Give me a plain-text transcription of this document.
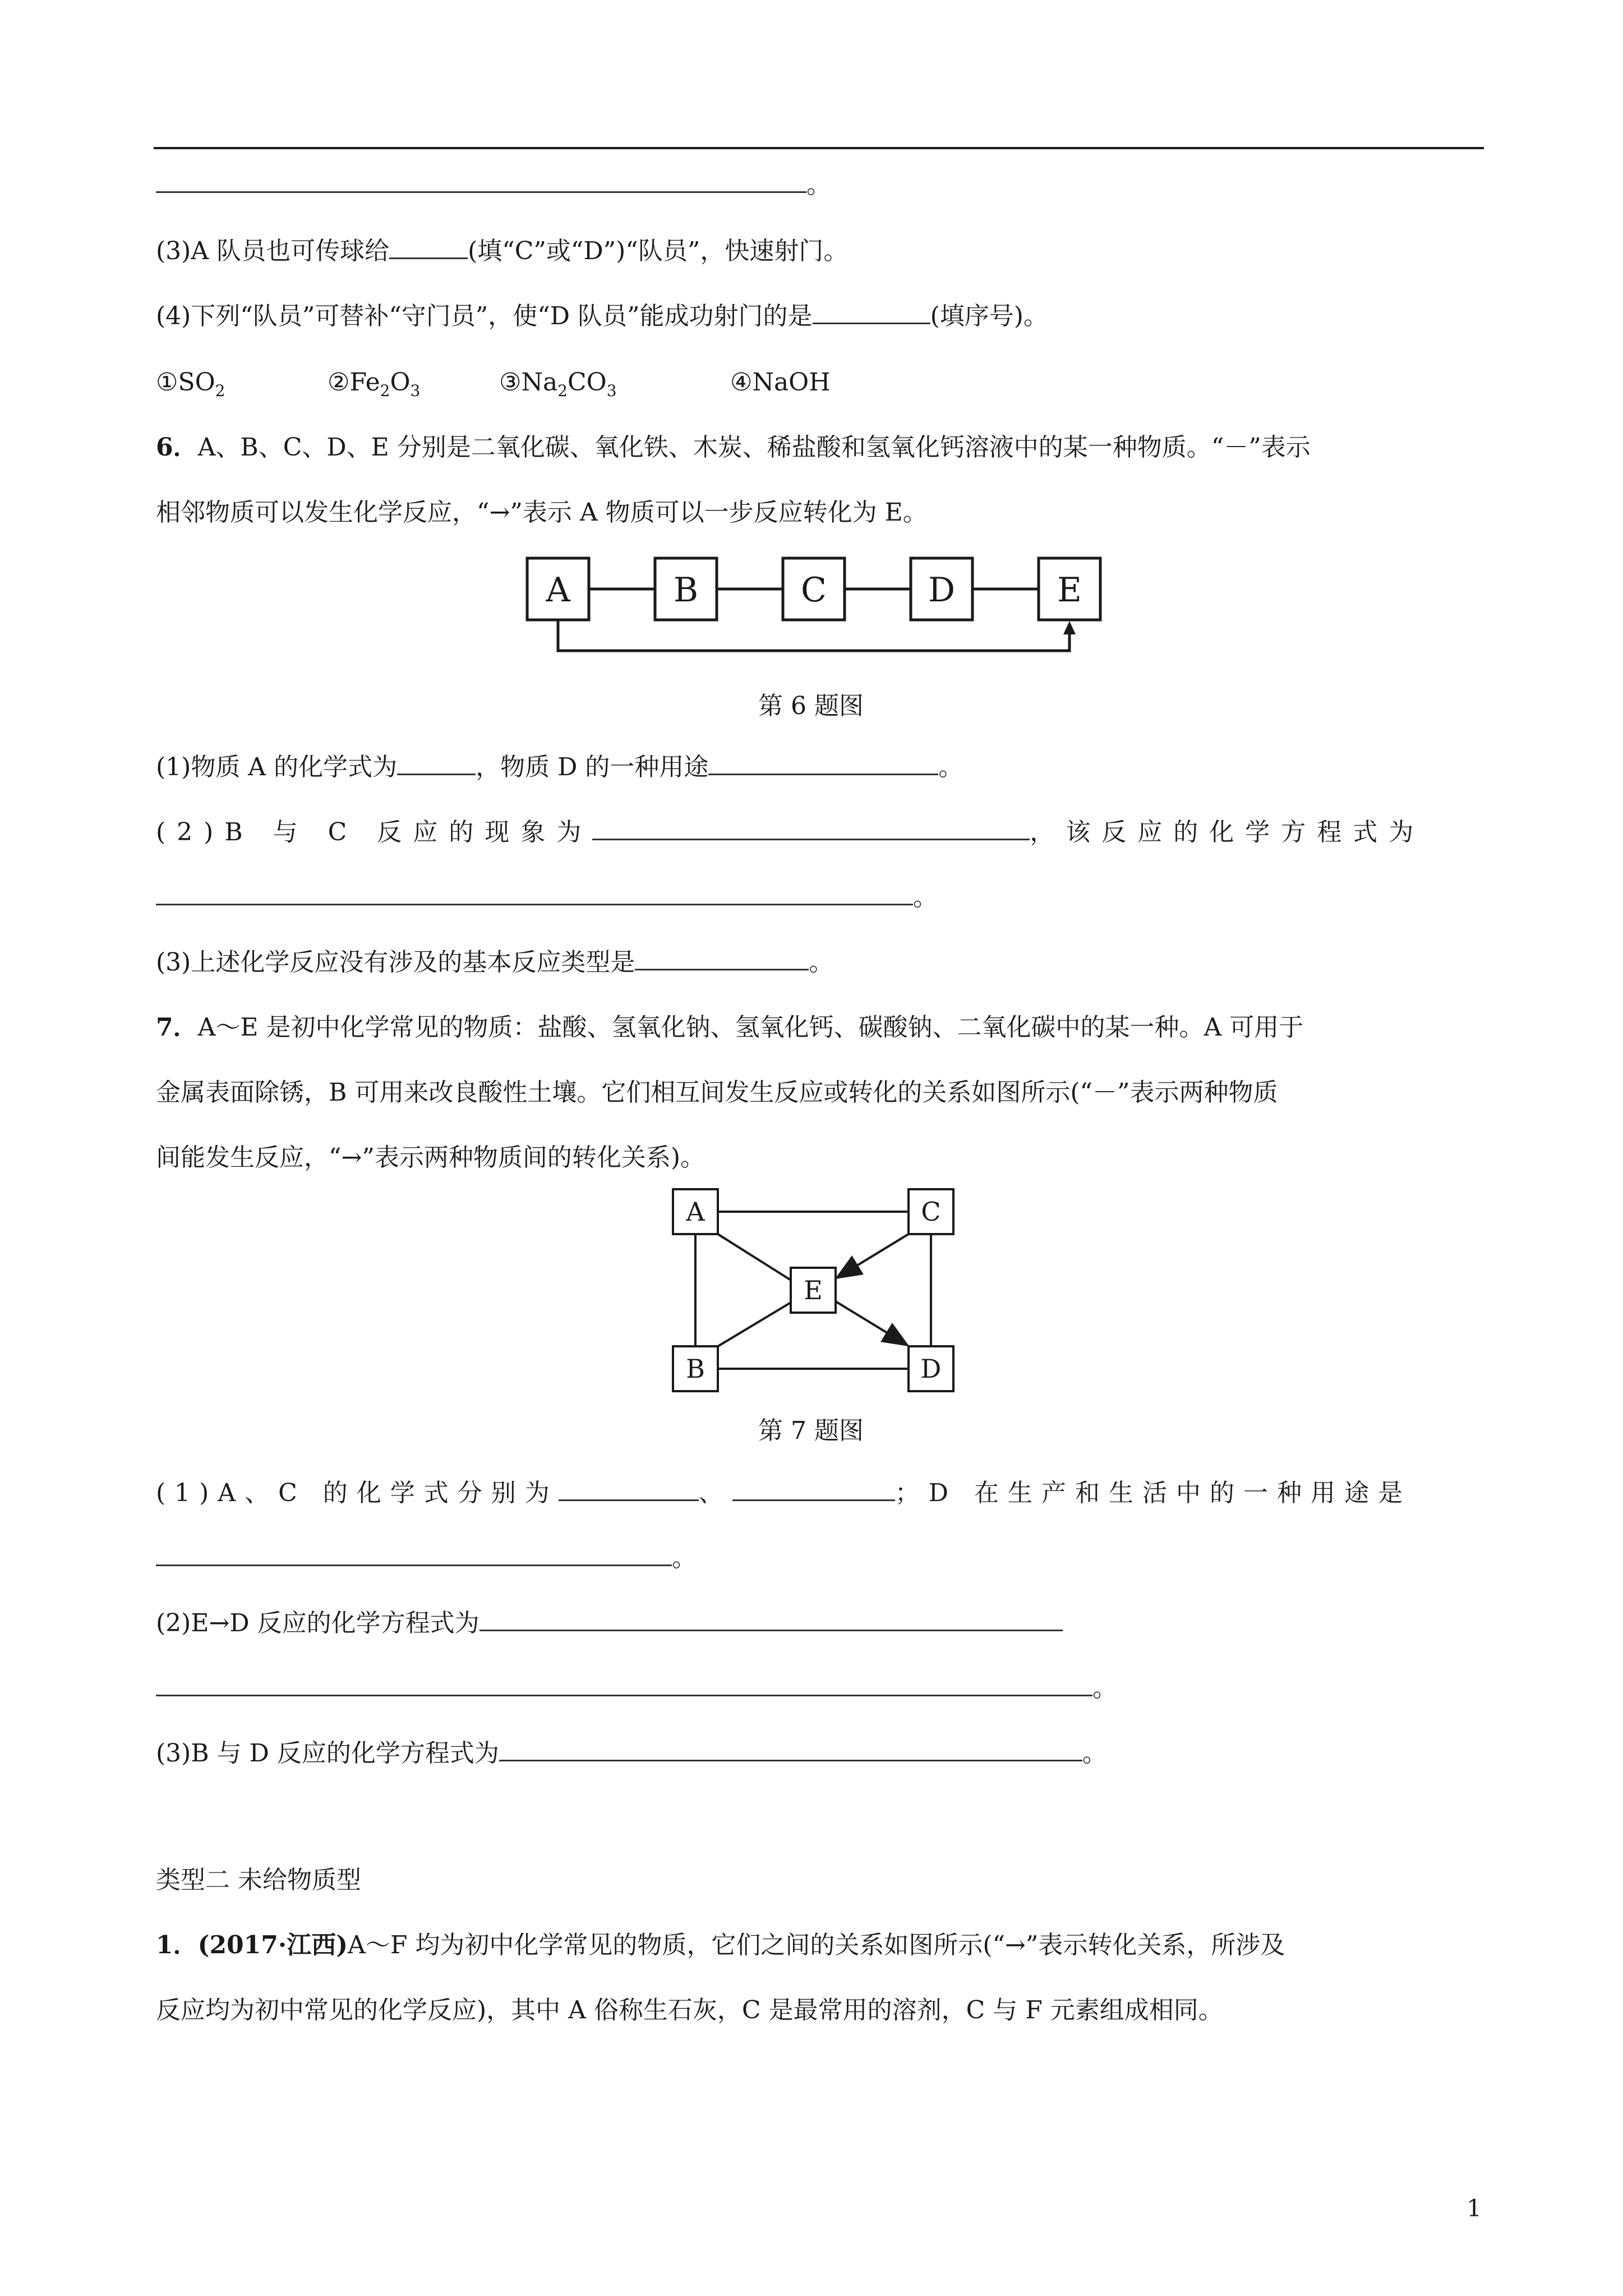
。
(3)A 队员也可传球给	(填“C”或“D”)“队员”，快速射门。
(4)下列“队员”可替补“守门员”，使“D 队员”能成功射门的是	(填序号)。
$①SO_2$	$②Fe_2O_3$	$③Na_2CO_3$	④NaOH
6．A、B、C、D、E 分别是二氧化碳、氧化铁、木炭、稀盐酸和氢氧化钙溶液中的某一种物质。“－”表示
相邻物质可以发生化学反应，“→”表示 A 物质可以一步反应转化为 E。
A	B	C	D	E
第 6 题图
(1)物质 A 的化学式为	，物质 D 的一种用途	。
(2)B 与 C 反应的现象为	，该反应的化学方程式为
。
(3)上述化学反应没有涉及的基本反应类型是	。
7．A～E 是初中化学常见的物质：盐酸、氢氧化钠、氢氧化钙、碳酸钠、二氧化碳中的某一种。A 可用于
金属表面除锈，B 可用来改良酸性土壤。它们相互间发生反应或转化的关系如图所示(“－”表示两种物质
间能发生反应，“→”表示两种物质间的转化关系)。
A	C
E
B	D
第 7 题图
(1)A、C 的化学式分别为	、	；D 在生产和生活中的一种用途是
。
(2)E→D 反应的化学方程式为
。
(3)B 与 D 反应的化学方程式为	。
类型二 未给物质型
1．(2017·江西)A～F 均为初中化学常见的物质，它们之间的关系如图所示(“→”表示转化关系，所涉及
反应均为初中常见的化学反应)，其中 A 俗称生石灰，C 是最常用的溶剂，C 与 F 元素组成相同。
1
